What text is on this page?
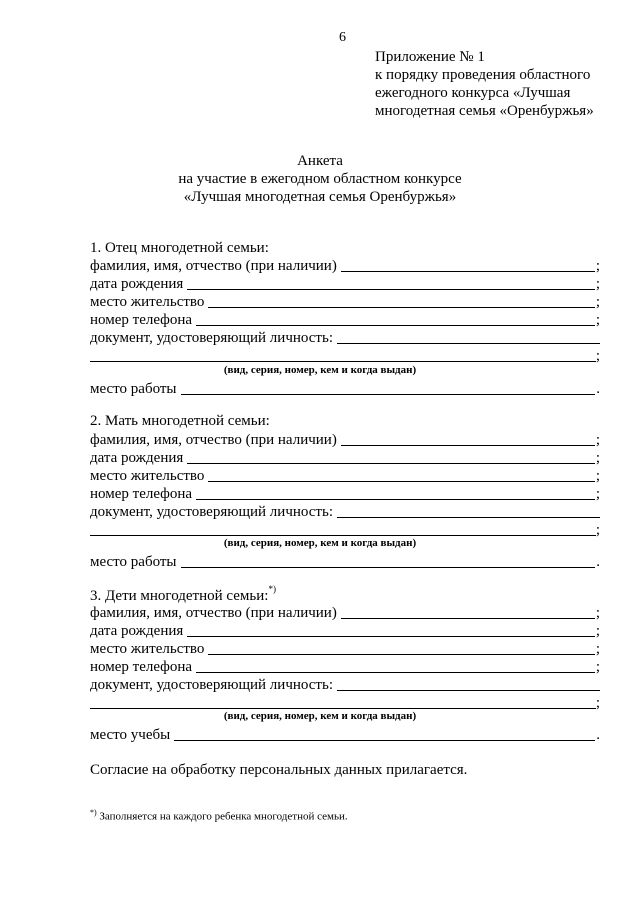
6
Приложение № 1
к порядку проведения областного
ежегодного конкурса «Лучшая
многодетная семья «Оренбуржья»
Анкета
на участие в ежегодном областном конкурсе
«Лучшая многодетная семья Оренбуржья»
1. Отец многодетной семьи:
фамилия, имя, отчество (при наличии)	;
дата рождения	;
место жительство	;
номер телефона	;
документ, удостоверяющий личность:
;
(вид, серия, номер, кем и когда выдан)
место работы	.
2. Мать многодетной семьи:
фамилия, имя, отчество (при наличии)	;
дата рождения	;
место жительство	;
номер телефона	;
документ, удостоверяющий личность:
;
(вид, серия, номер, кем и когда выдан)
место работы	.
3. Дети многодетной семьи:*)
фамилия, имя, отчество (при наличии)	;
дата рождения	;
место жительство	;
номер телефона	;
документ, удостоверяющий личность:
;
(вид, серия, номер, кем и когда выдан)
место учебы	.
Согласие на обработку персональных данных прилагается.
*) Заполняется на каждого ребенка многодетной семьи.
